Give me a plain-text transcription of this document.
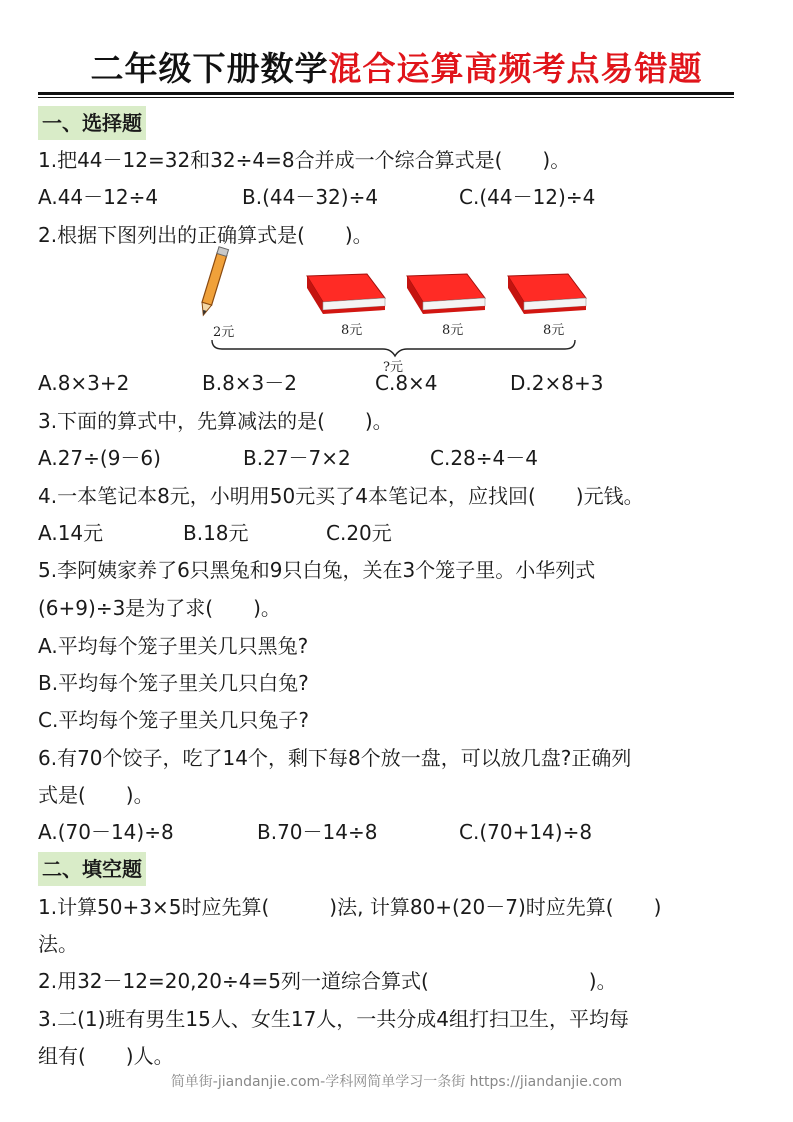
二年级下册数学混合运算高频考点易错题
一、选择题
1.把44－12=32和32÷4=8合并成一个综合算式是(　　)。
A.44－12÷4	B.(44－32)÷4	C.(44－12)÷4
2.根据下图列出的正确算式是(　　)。
2元	8元	8元	8元
?元
A.8×3+2	B.8×3－2	C.8×4	D.2×8+3
3.下面的算式中，先算减法的是(　　)。
A.27÷(9－6)	B.27－7×2	C.28÷4－4
4.一本笔记本8元，小明用50元买了4本笔记本，应找回(　　)元钱。
A.14元	B.18元	C.20元
5.李阿姨家养了6只黑兔和9只白兔，关在3个笼子里。小华列式
(6+9)÷3是为了求(　　)。
A.平均每个笼子里关几只黑兔?
B.平均每个笼子里关几只白兔?
C.平均每个笼子里关几只兔子?
6.有70个饺子，吃了14个，剩下每8个放一盘，可以放几盘?正确列
式是(　　)。
A.(70－14)÷8	B.70－14÷8	C.(70+14)÷8
二、填空题
1.计算50+3×5时应先算(　　　)法, 计算80+(20－7)时应先算(　　)
法。
2.用32－12=20,20÷4=5列一道综合算式(　　　　　　　　)。
3.二(1)班有男生15人、女生17人，一共分成4组打扫卫生，平均每
组有(　　)人。
简单街-jiandanjie.com-学科网简单学习一条街 https://jiandanjie.com
